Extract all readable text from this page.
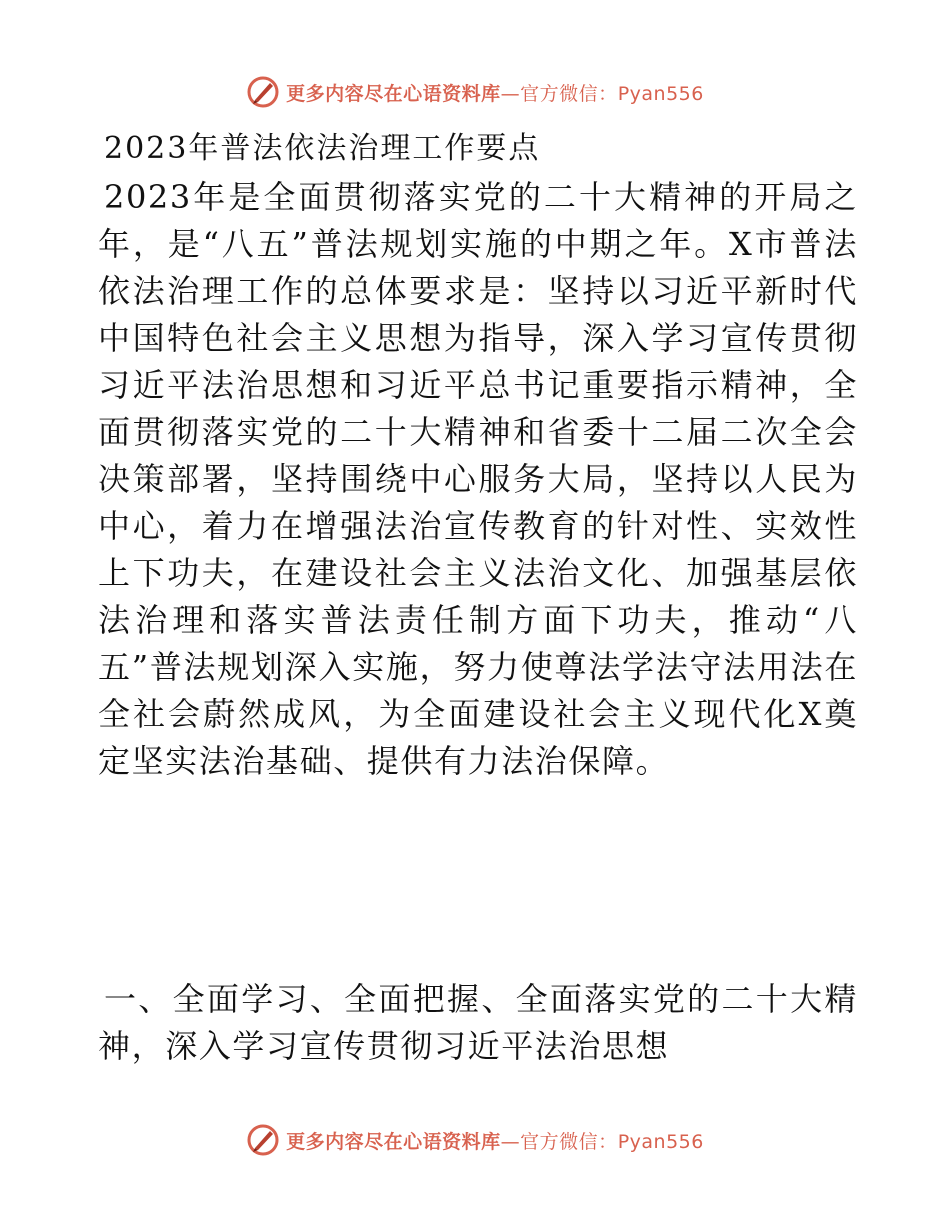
更多内容尽在心语资料库—官方微信：Pyan556
2023年普法依法治理工作要点
2023年是全面贯彻落实党的二十大精神的开局之年，是“八五”普法规划实施的中期之年。X市普法依法治理工作的总体要求是：坚持以习近平新时代中国特色社会主义思想为指导，深入学习宣传贯彻习近平法治思想和习近平总书记重要指示精神，全面贯彻落实党的二十大精神和省委十二届二次全会决策部署，坚持围绕中心服务大局，坚持以人民为中心，着力在增强法治宣传教育的针对性、实效性上下功夫，在建设社会主义法治文化、加强基层依法治理和落实普法责任制方面下功夫，推动“八五”普法规划深入实施，努力使尊法学法守法用法在全社会蔚然成风，为全面建设社会主义现代化X奠定坚实法治基础、提供有力法治保障。
一、全面学习、全面把握、全面落实党的二十大精神，深入学习宣传贯彻习近平法治思想
更多内容尽在心语资料库—官方微信：Pyan556
